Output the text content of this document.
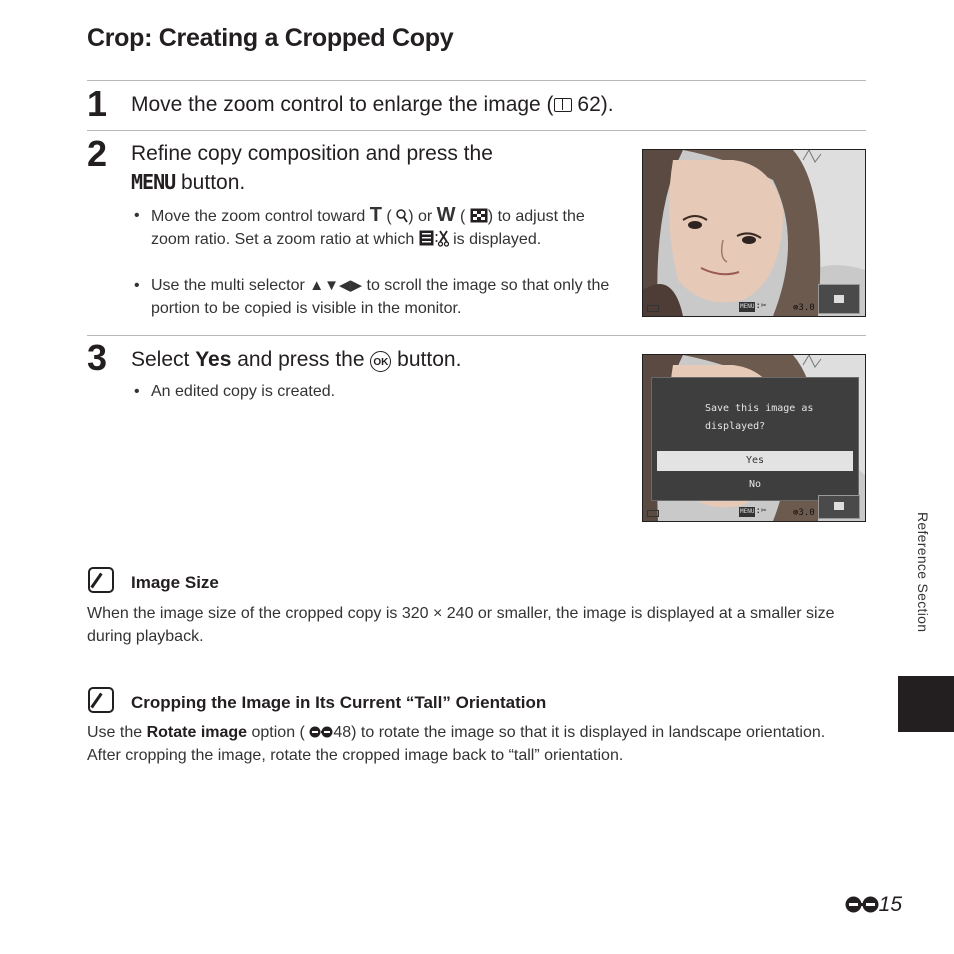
Crop: Creating a Cropped Copy
1 Move the zoom control to enlarge the image (
62).
2 Refine copy composition and press the
MENU button.
• Move the zoom control toward T ( ) or W ( ) to adjust the zoom ratio. Set a zoom ratio at which  is displayed.
• Use the multi selector ▲▼◀▶ to scroll the image so that only the portion to be copied is visible in the monitor.	MENU:✂	⊗3.0
3 Select Yes and press the OK button.
• An edited copy is created.
Save this image as
displayed?
Yes
No
MENU:✂	⊗3.0
Image Size
When the image size of the cropped copy is 320 × 240 or smaller, the image is displayed at a smaller size during playback.
Cropping the Image in Its Current “Tall” Orientation
Use the Rotate image option ( 48) to rotate the image so that it is displayed in landscape orientation. After cropping the image, rotate the cropped image back to “tall” orientation.
Reference Section
15
